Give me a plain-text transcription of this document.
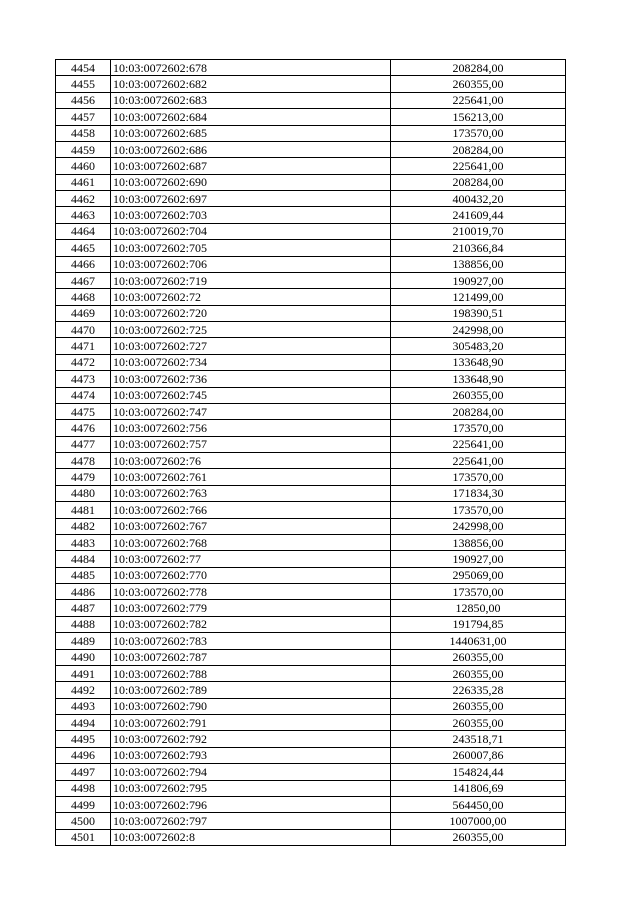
4454	10:03:0072602:678	208284,00
4455	10:03:0072602:682	260355,00
4456	10:03:0072602:683	225641,00
4457	10:03:0072602:684	156213,00
4458	10:03:0072602:685	173570,00
4459	10:03:0072602:686	208284,00
4460	10:03:0072602:687	225641,00
4461	10:03:0072602:690	208284,00
4462	10:03:0072602:697	400432,20
4463	10:03:0072602:703	241609,44
4464	10:03:0072602:704	210019,70
4465	10:03:0072602:705	210366,84
4466	10:03:0072602:706	138856,00
4467	10:03:0072602:719	190927,00
4468	10:03:0072602:72	121499,00
4469	10:03:0072602:720	198390,51
4470	10:03:0072602:725	242998,00
4471	10:03:0072602:727	305483,20
4472	10:03:0072602:734	133648,90
4473	10:03:0072602:736	133648,90
4474	10:03:0072602:745	260355,00
4475	10:03:0072602:747	208284,00
4476	10:03:0072602:756	173570,00
4477	10:03:0072602:757	225641,00
4478	10:03:0072602:76	225641,00
4479	10:03:0072602:761	173570,00
4480	10:03:0072602:763	171834,30
4481	10:03:0072602:766	173570,00
4482	10:03:0072602:767	242998,00
4483	10:03:0072602:768	138856,00
4484	10:03:0072602:77	190927,00
4485	10:03:0072602:770	295069,00
4486	10:03:0072602:778	173570,00
4487	10:03:0072602:779	12850,00
4488	10:03:0072602:782	191794,85
4489	10:03:0072602:783	1440631,00
4490	10:03:0072602:787	260355,00
4491	10:03:0072602:788	260355,00
4492	10:03:0072602:789	226335,28
4493	10:03:0072602:790	260355,00
4494	10:03:0072602:791	260355,00
4495	10:03:0072602:792	243518,71
4496	10:03:0072602:793	260007,86
4497	10:03:0072602:794	154824,44
4498	10:03:0072602:795	141806,69
4499	10:03:0072602:796	564450,00
4500	10:03:0072602:797	1007000,00
4501	10:03:0072602:8	260355,00
